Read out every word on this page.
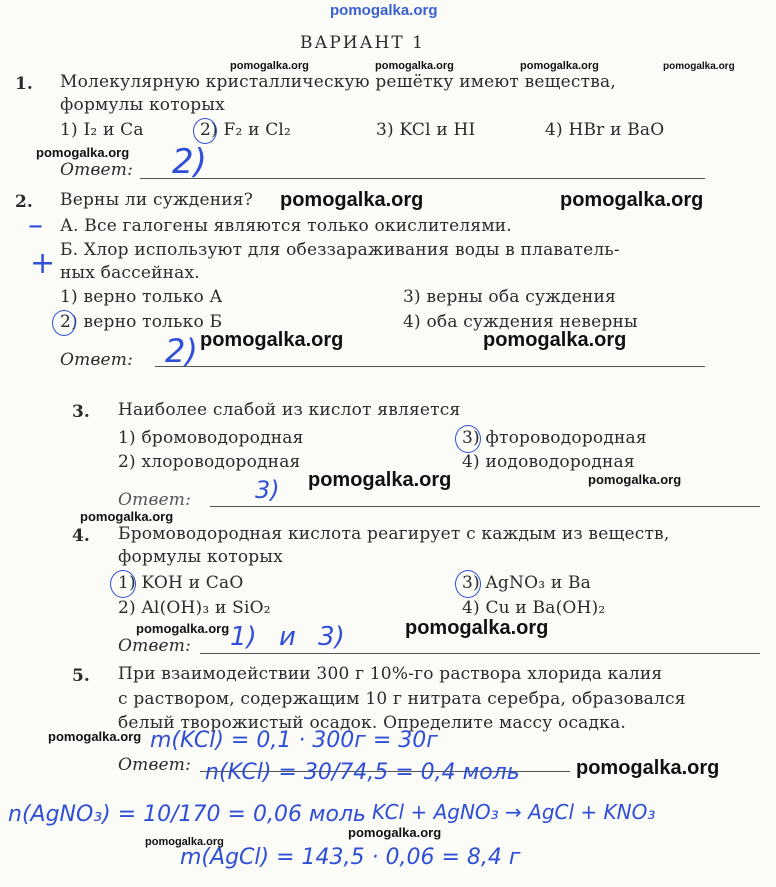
pomogalka.org
ВАРИАНТ 1
pomogalka.org	pomogalka.org	pomogalka.org	pomogalka.org
1. Молекулярную кристаллическую решётку имеют вещества,
формулы которых
1) I₂ и Ca	2) F₂ и Cl₂	3) KCl и HI	4) HBr и BaO
pomogalka.org
Ответ: 2)
2. Верны ли суждения? pomogalka.org	pomogalka.org
– А. Все галогены являются только окислителями.
+ Б. Хлор используют для обеззараживания воды в плаватель-
ных бассейнах.
1) верно только А
2) верно только Б
3) верны оба суждения
4) оба суждения неверны
pomogalka.org	pomogalka.org
Ответ: 2)
3. Наиболее слабой из кислот является
1) бромоводородная
2) хлороводородная
3) фтороводородная
4) иодоводородная
pomogalka.org	pomogalka.org
Ответ:	3)
pomogalka.org
4. Бромоводородная кислота реагирует с каждым из веществ,
формулы которых
1) KOH и CaO
2) Al(OH)₃ и SiO₂
3) AgNO₃ и Ba
4) Cu и Ba(OH)₂
pomogalka.org	pomogalka.org
Ответ: 1) и 3)
5. При взаимодействии 300 г 10%-го раствора хлорида калия
с раствором, содержащим 10 г нитрата серебра, образовался
белый творожистый осадок. Определите массу осадка.
pomogalka.org m(KCl) = 0,1 · 300г = 30г
Ответ: n(KCl) = 30/74,5 = 0,4 моль	pomogalka.org
n(AgNO₃) = 10/170 = 0,06 моль KCl + AgNO₃ → AgCl + KNO₃
pomogalka.org
pomogalka.org
m(AgCl) = 143,5 · 0,06 = 8,4 г
